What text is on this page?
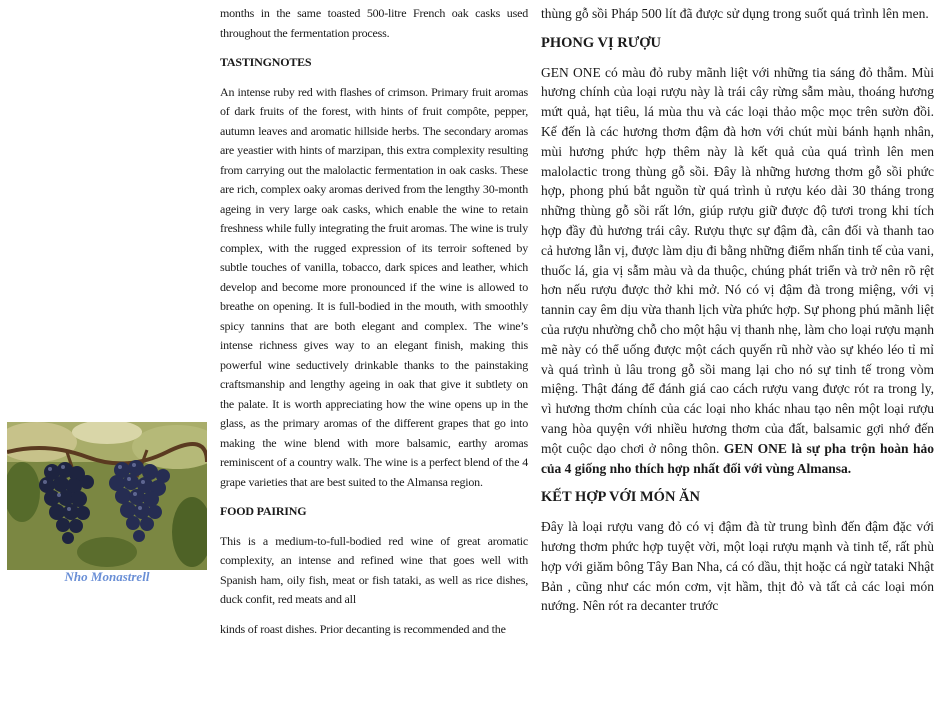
Nho Monastrell

months in the same toasted 500-litre French oak casks used throughout the fermentation process.

TASTINGNOTES

An intense ruby red with flashes of crimson. Primary fruit aromas of dark fruits of the forest, with hints of fruit compôte, pepper, autumn leaves and aromatic hillside herbs. The secondary aromas are yeastier with hints of marzipan, this extra complexity resulting from carrying out the malolactic fermentation in oak casks. These are rich, complex oaky aromas derived from the lengthy 30-month ageing in very large oak casks, which enable the wine to retain freshness while fully integrating the fruit aromas. The wine is truly complex, with the rugged expression of its terroir softened by subtle touches of vanilla, tobacco, dark spices and leather, which develop and become more pronounced if the wine is allowed to breathe on opening. It is full-bodied in the mouth, with smoothly spicy tannins that are both elegant and complex. The wine’s intense richness gives way to an elegant finish, making this powerful wine seductively drinkable thanks to the painstaking craftsmanship and lengthy ageing in oak that give it subtlety on the palate. It is worth appreciating how the wine opens up in the glass, as the primary aromas of the different grapes that go into making the wine blend with more balsamic, earthy aromas reminiscent of a country walk. The wine is a perfect blend of the 4 grape varieties that are best suited to the Almansa region.

FOOD PAIRING

This is a medium-to-full-bodied red wine of great aromatic complexity, an intense and refined wine that goes well with Spanish ham, oily fish, meat or fish tataki, as well as rice dishes, duck confit, red meats and all

kinds of roast dishes. Prior decanting is recommended and the

thùng gỗ sồi Pháp 500 lít đã được sử dụng trong suốt quá trình lên men.

PHONG VỊ RƯỢU

GEN ONE có màu đỏ ruby mãnh liệt với những tia sáng đỏ thẫm. Mùi hương chính của loại rượu này là trái cây rừng sẫm màu, thoáng hương mứt quả, hạt tiêu, lá mùa thu và các loại thảo mộc mọc trên sườn đồi. Kế đến là các hương thơm đậm đà hơn với chút mùi bánh hạnh nhân, mùi hương phức hợp thêm này là kết quả của quá trình lên men malolactic trong thùng gỗ sồi. Đây là những hương thơm gỗ sồi phức hợp, phong phú bắt nguồn từ quá trình ủ rượu kéo dài 30 tháng trong những thùng gỗ sồi rất lớn, giúp rượu giữ được độ tươi trong khi tích hợp đầy đủ hương trái cây. Rượu thực sự đậm đà, cân đối và thanh tao cả hương lẫn vị, được làm dịu đi bằng những điểm nhấn tinh tế của vani, thuốc lá, gia vị sẫm màu và da thuộc, chúng phát triển và trở nên rõ rệt hơn nếu rượu được thở khi mở. Nó có vị đậm đà trong miệng, với vị tannin cay êm dịu vừa thanh lịch vừa phức hợp. Sự phong phú mãnh liệt của rượu nhường chỗ cho một hậu vị thanh nhẹ, làm cho loại rượu mạnh mẽ này có thể uống được một cách quyến rũ nhờ vào sự khéo léo tỉ mỉ và quá trình ủ lâu trong gỗ sồi mang lại cho nó sự tinh tế trong vòm miệng. Thật đáng để đánh giá cao cách rượu vang được rót ra trong ly, vì hương thơm chính của các loại nho khác nhau tạo nên một loại rượu vang hòa quyện với nhiều hương thơm của đất, balsamic gợi nhớ đến một cuộc dạo chơi ở nông thôn. GEN ONE là sự pha trộn hoàn hảo của 4 giống nho thích hợp nhất đối với vùng Almansa.

KẾT HỢP VỚI MÓN ĂN

Đây là loại rượu vang đỏ có vị đậm đà từ trung bình đến đậm đặc với hương thơm phức hợp tuyệt vời, một loại rượu mạnh và tinh tế, rất phù hợp với giăm bông Tây Ban Nha, cá có dầu, thịt hoặc cá ngừ tataki Nhật Bản , cũng như các món cơm, vịt hầm, thịt đỏ và tất cả các loại món nướng. Nên rót ra decanter trước
